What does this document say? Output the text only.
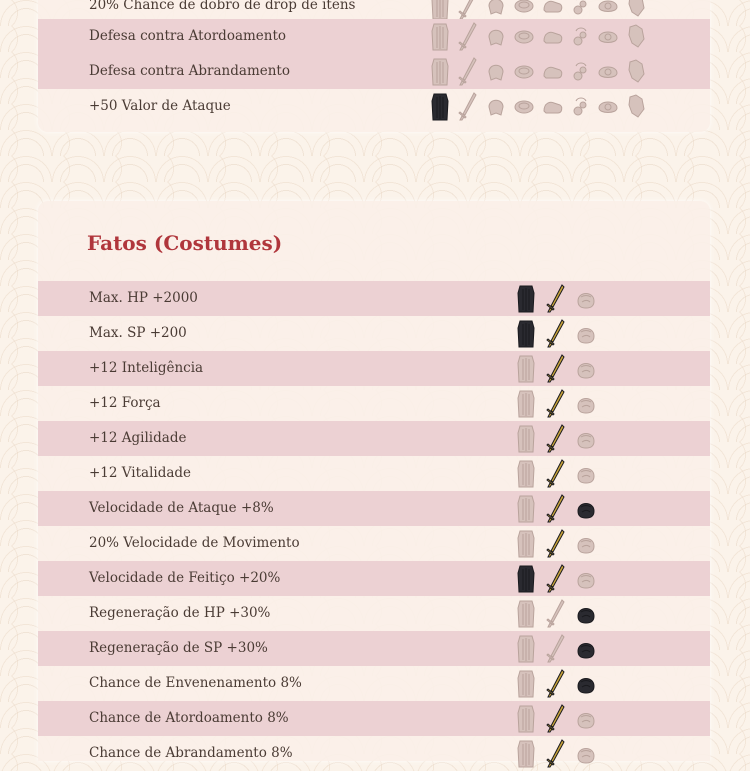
20% Chance de dobro de drop de itens
Defesa contra Atordoamento
Defesa contra Abrandamento
+50 Valor de Ataque
Fatos (Costumes)
Max. HP +2000
Max. SP +200
+12 Inteligência
+12 Força
+12 Agilidade
+12 Vitalidade
Velocidade de Ataque +8%
20% Velocidade de Movimento
Velocidade de Feitiço +20%
Regeneração de HP +30%
Regeneração de SP +30%
Chance de Envenenamento 8%
Chance de Atordoamento 8%
Chance de Abrandamento 8%
